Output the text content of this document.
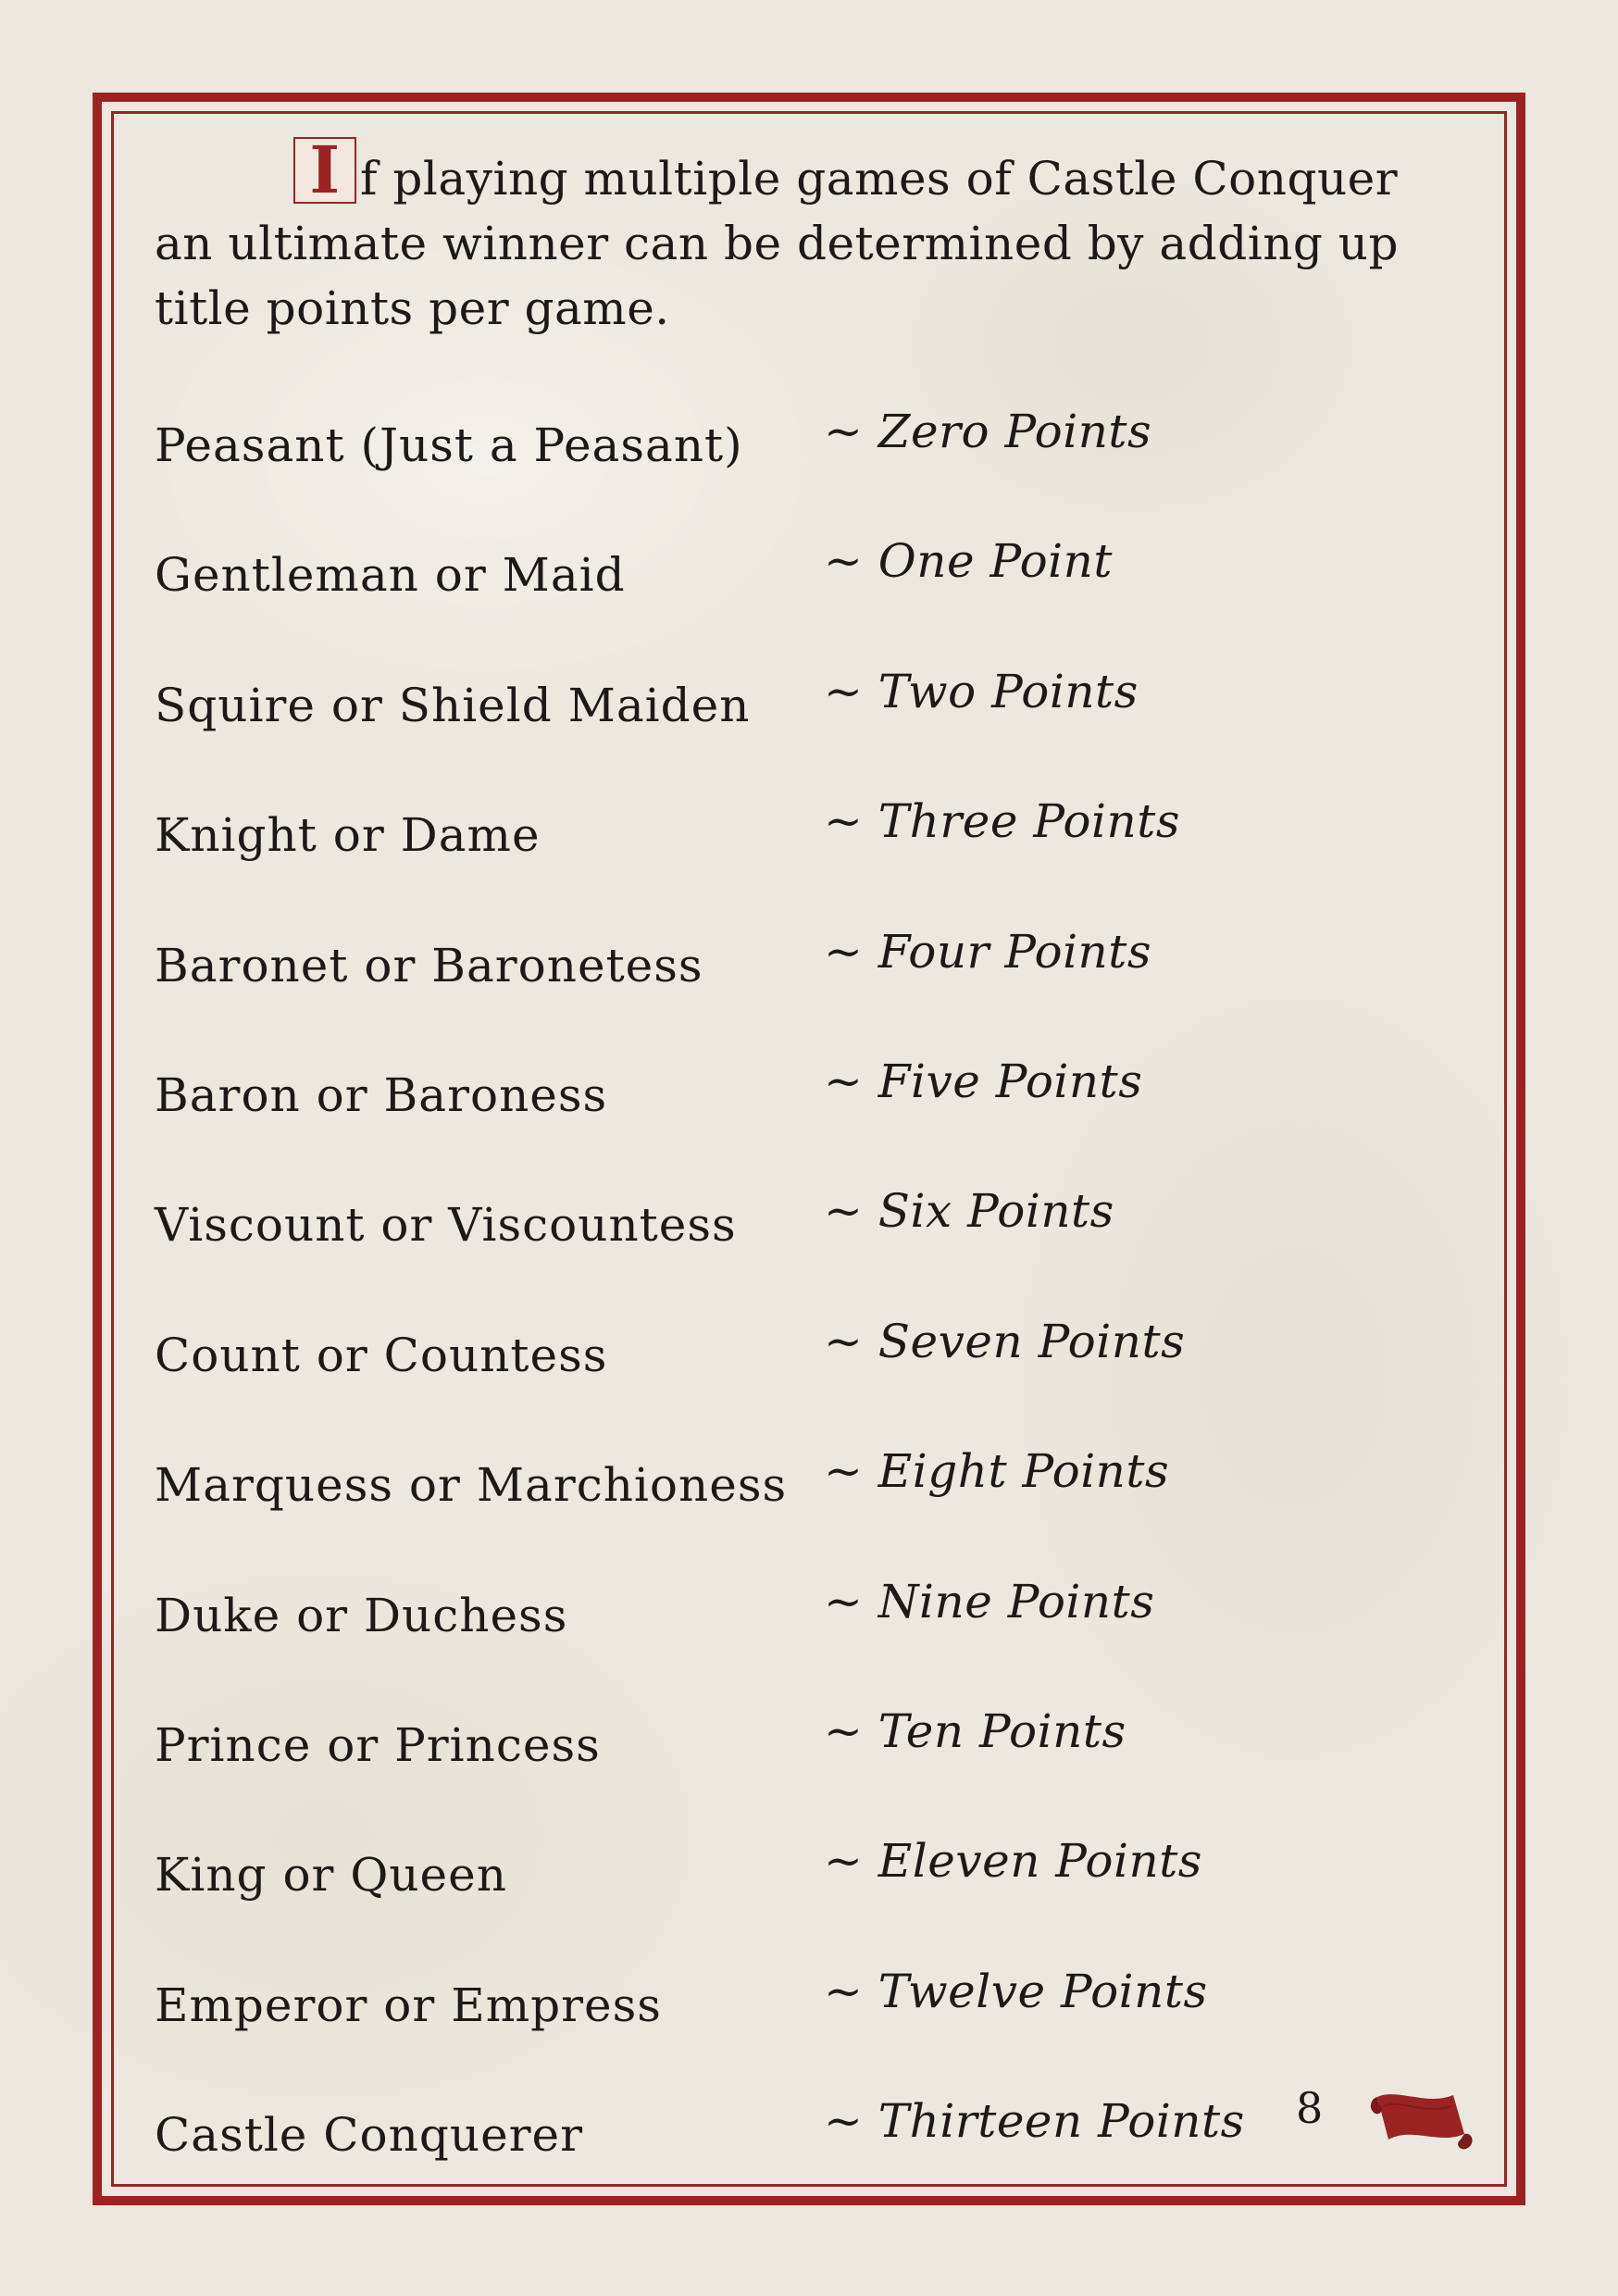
I f playing multiple games of Castle Conquer an ultimate winner can be determined by adding up title points per game.

Peasant (Just a Peasant) ~ Zero Points
Gentleman or Maid	~ One Point
Squire or Shield Maiden ~ Two Points
Knight or Dame	~ Three Points
Baronet or Baronetess	~ Four Points
Baron or Baroness	~ Five Points
Viscount or Viscountess ~ Six Points
Count or Countess	~ Seven Points
Marquess or Marchioness ~ Eight Points
Duke or Duchess	~ Nine Points
Prince or Princess	~ Ten Points
King or Queen	~ Eleven Points
Emperor or Empress	~ Twelve Points
Castle Conquerer	~ Thirteen Points 8
